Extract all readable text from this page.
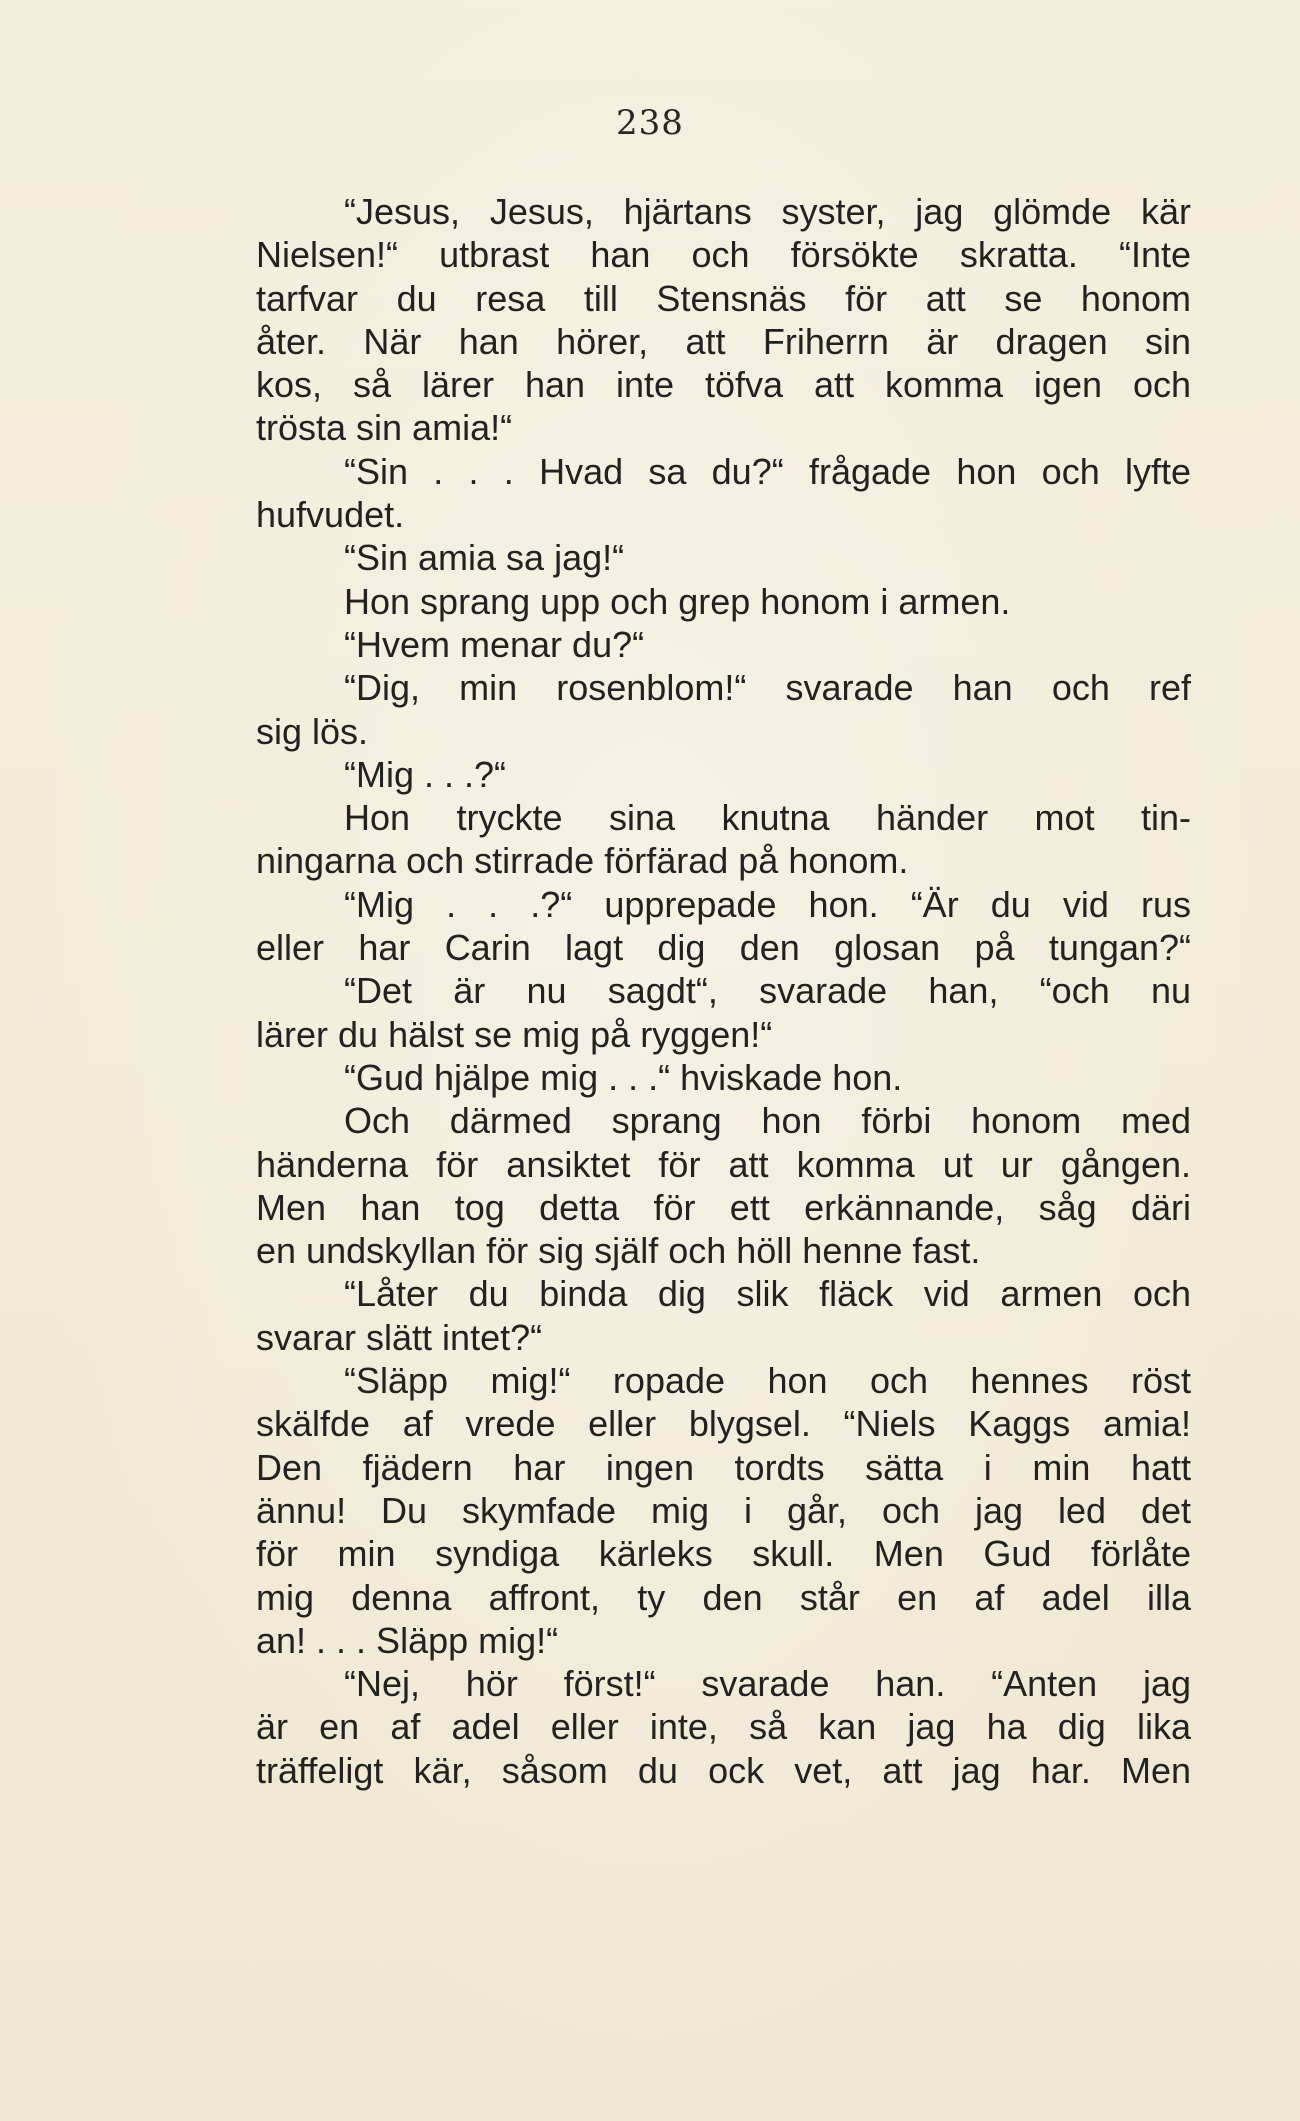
238
“Jesus, Jesus, hjärtans syster, jag glömde kär
Nielsen!“ utbrast han och försökte skratta. “Inte
tarfvar du resa till Stensnäs för att se honom
åter. När han hörer, att Friherrn är dragen sin
kos, så lärer han inte töfva att komma igen och
trösta sin amia!“
“Sin . . . Hvad sa du?“ frågade hon och lyfte
hufvudet.
“Sin amia sa jag!“
Hon sprang upp och grep honom i armen.
“Hvem menar du?“
“Dig, min rosenblom!“ svarade han och ref
sig lös.
“Mig . . .?“
Hon tryckte sina knutna händer mot tin-
ningarna och stirrade förfärad på honom.
“Mig . . .?“ upprepade hon. “Är du vid rus
eller har Carin lagt dig den glosan på tungan?“
“Det är nu sagdt“, svarade han, “och nu
lärer du hälst se mig på ryggen!“
“Gud hjälpe mig . . .“ hviskade hon.
Och därmed sprang hon förbi honom med
händerna för ansiktet för att komma ut ur gången.
Men han tog detta för ett erkännande, såg däri
en undskyllan för sig själf och höll henne fast.
“Låter du binda dig slik fläck vid armen och
svarar slätt intet?“
“Släpp mig!“ ropade hon och hennes röst
skälfde af vrede eller blygsel. “Niels Kaggs amia!
Den fjädern har ingen tordts sätta i min hatt
ännu! Du skymfade mig i går, och jag led det
för min syndiga kärleks skull. Men Gud förlåte
mig denna affront, ty den står en af adel illa
an! . . . Släpp mig!“
“Nej, hör först!“ svarade han. “Anten jag
är en af adel eller inte, så kan jag ha dig lika
träffeligt kär, såsom du ock vet, att jag har. Men
